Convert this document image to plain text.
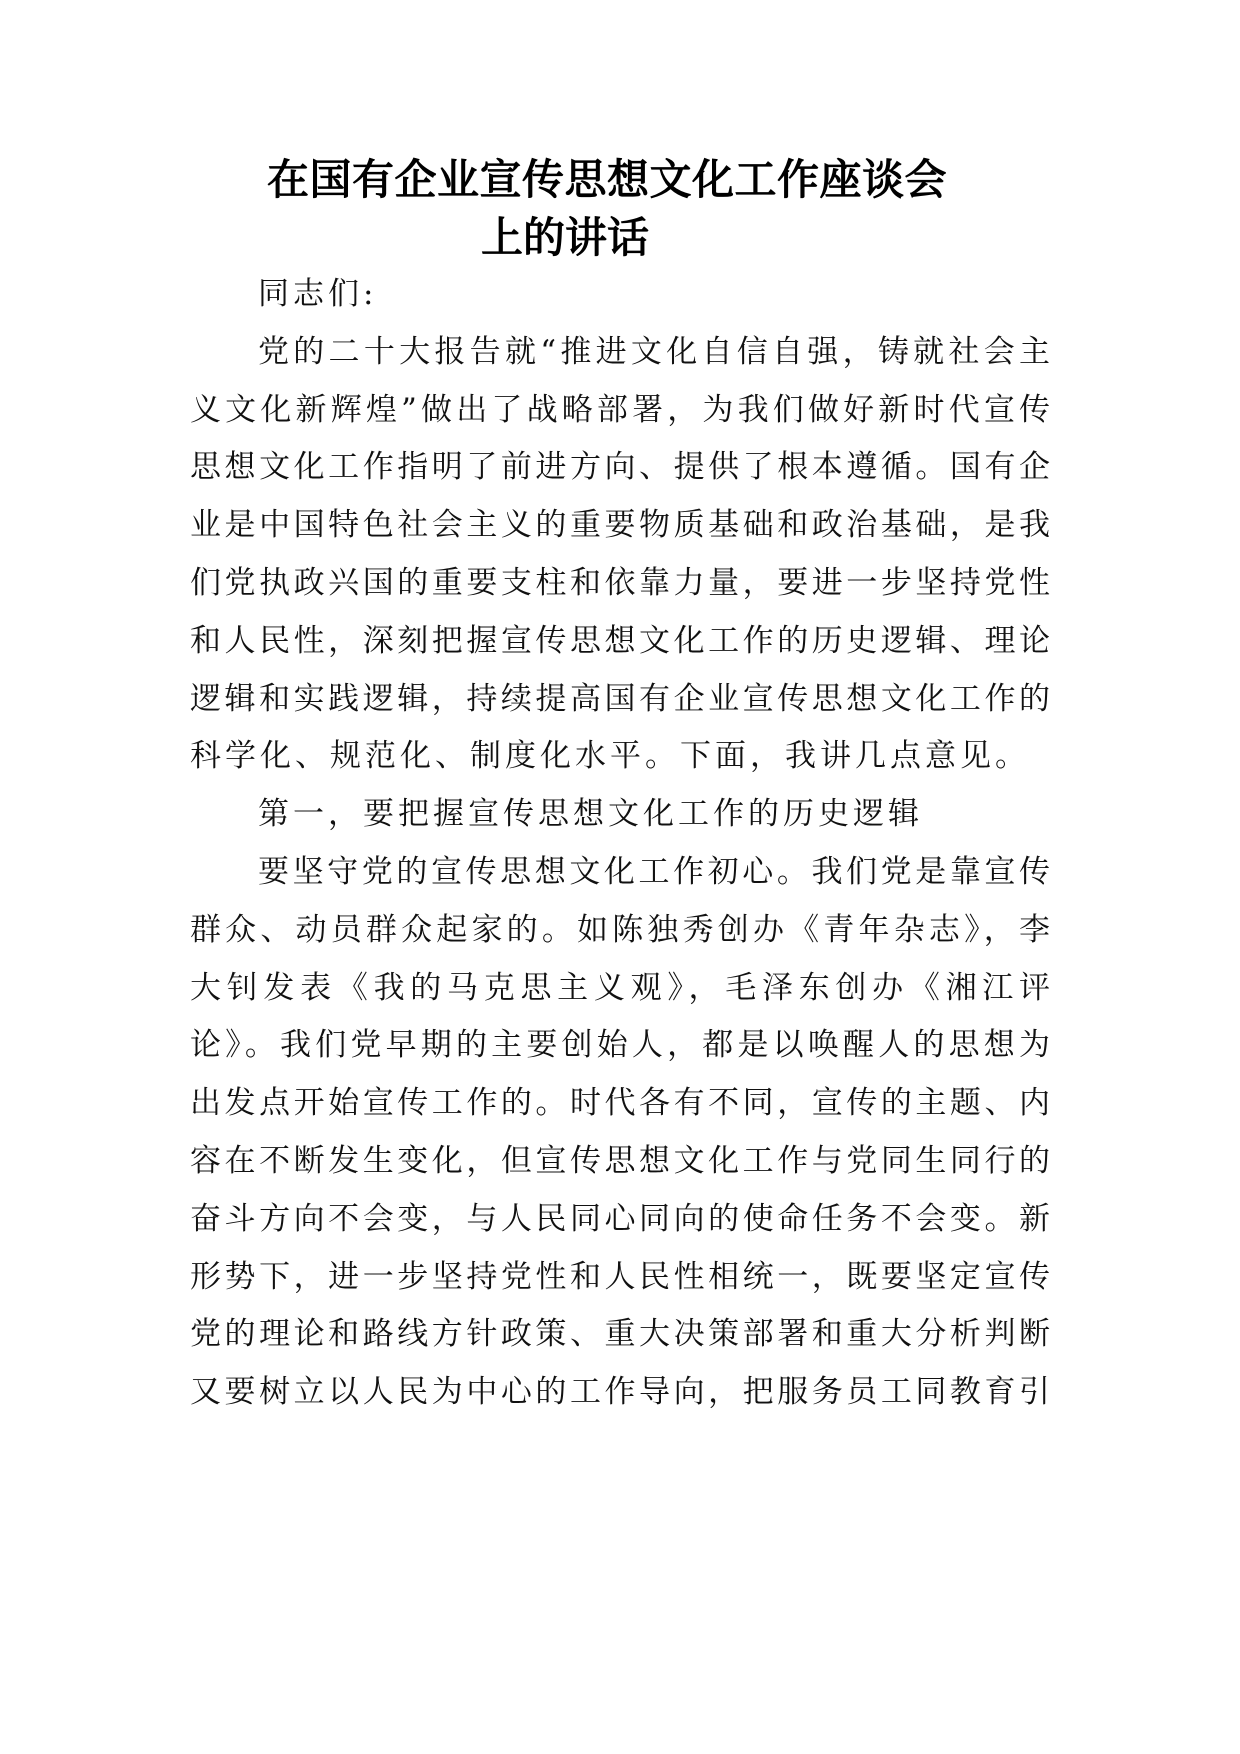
在国有企业宣传思想文化工作座谈会
上的讲话
同志们:
党的二十大报告就“推进文化自信自强，铸就社会主
义文化新辉煌”做出了战略部署，为我们做好新时代宣传
思想文化工作指明了前进方向、提供了根本遵循。国有企
业是中国特色社会主义的重要物质基础和政治基础，是我
们党执政兴国的重要支柱和依靠力量，要进一步坚持党性
和人民性，深刻把握宣传思想文化工作的历史逻辑、理论
逻辑和实践逻辑，持续提高国有企业宣传思想文化工作的
科学化、规范化、制度化水平。下面，我讲几点意见。
第一，要把握宣传思想文化工作的历史逻辑
要坚守党的宣传思想文化工作初心。我们党是靠宣传
群众、动员群众起家的。如陈独秀创办《青年杂志》，李
大钊发表《我的马克思主义观》，毛泽东创办《湘江评
论》。我们党早期的主要创始人，都是以唤醒人的思想为
出发点开始宣传工作的。时代各有不同，宣传的主题、内
容在不断发生变化，但宣传思想文化工作与党同生同行的
奋斗方向不会变，与人民同心同向的使命任务不会变。新
形势下，进一步坚持党性和人民性相统一，既要坚定宣传
党的理论和路线方针政策、重大决策部署和重大分析判断
又要树立以人民为中心的工作导向，把服务员工同教育引
